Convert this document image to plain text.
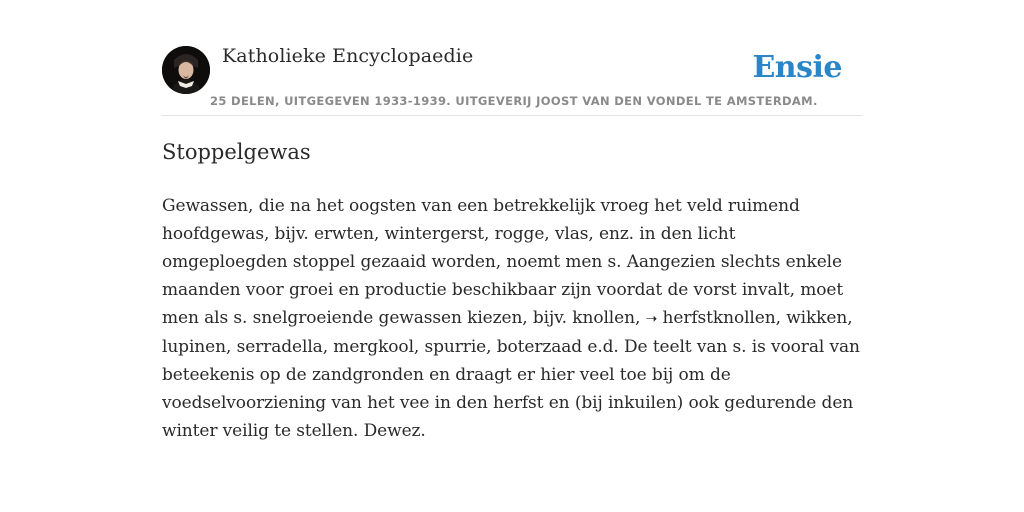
Katholieke Encyclopaedie	Ensie
25 DELEN, UITGEGEVEN 1933-1939. UITGEVERIJ JOOST VAN DEN VONDEL TE AMSTERDAM.
Stoppelgewas

Gewassen, die na het oogsten van een betrekkelijk vroeg het veld ruimend hoofdgewas, bijv. erwten, wintergerst, rogge, vlas, enz. in den licht omgeploegden stoppel gezaaid worden, noemt men s. Aangezien slechts enkele maanden voor groei en productie beschikbaar zijn voordat de vorst invalt, moet men als s. snelgroeiende gewassen kiezen, bijv. knollen, ➝ herfstknollen, wikken, lupinen, serradella, mergkool, spurrie, boterzaad e.d. De teelt van s. is vooral van beteekenis op de zandgronden en draagt er hier veel toe bij om de voedselvoorziening van het vee in den herfst en (bij inkuilen) ook gedurende den winter veilig te stellen. Dewez.
